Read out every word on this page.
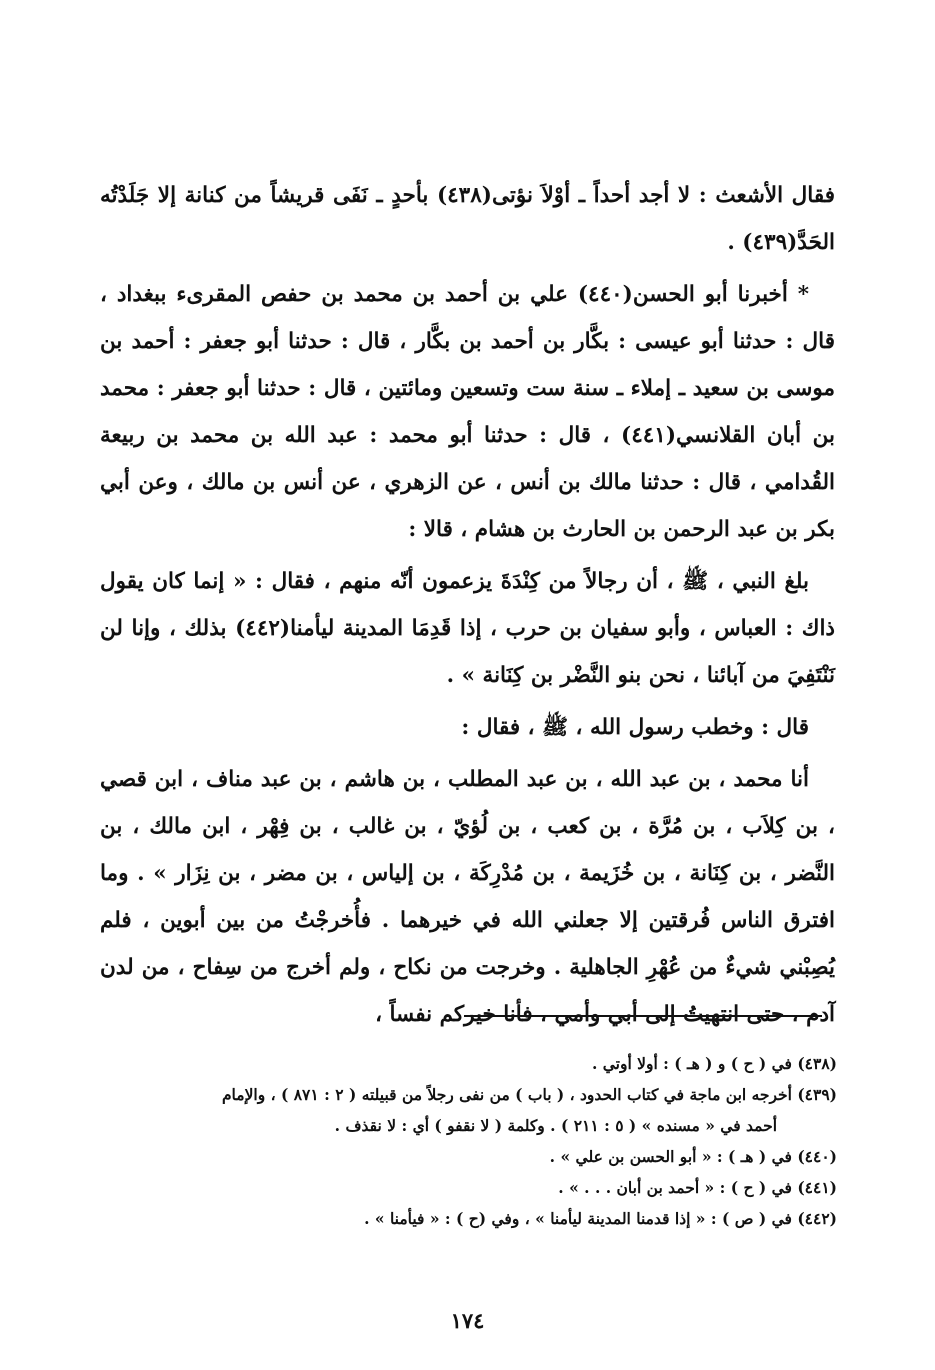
فقال الأشعث : لا أجد أحداً ـ أوْلاَ نؤتى(٤٣٨) بأحدٍ ـ نَفَى قريشاً من كنانة إلا جَلَدْتُه الحَدَّ(٤٣٩) .

* أخبرنا أبو الحسن(٤٤٠) علي بن أحمد بن محمد بن حفص المقرىء ببغداد ، قال : حدثنا أبو عيسى : بكَّار بن أحمد بن بكَّار ، قال : حدثنا أبو جعفر : أحمد بن موسى بن سعيد ـ إملاء ـ سنة ست وتسعين ومائتين ، قال : حدثنا أبو جعفر : محمد بن أبان القلانسي(٤٤١) ، قال : حدثنا أبو محمد : عبد الله بن محمد بن ربيعة القُدامي ، قال : حدثنا مالك بن أنس ، عن الزهري ، عن أنس بن مالك ، وعن أبي بكر بن عبد الرحمن بن الحارث بن هشام ، قالا :

بلغ النبي ، ﷺ ، أن رجالاً من كِنْدَةَ يزعمون أنّه منهم ، فقال : « إنما كان يقول ذاك : العباس ، وأبو سفيان بن حرب ، إذا قَدِمَا المدينة ليأمنا(٤٤٢) بذلك ، وإنا لن نَنْتَفِيَ من آبائنا ، نحن بنو النَّضْر بن كِنَانة » .

قال : وخطب رسول الله ، ﷺ ، فقال :

أنا محمد ، بن عبد الله ، بن عبد المطلب ، بن هاشم ، بن عبد مناف ، ابن قصي ، بن كِلاَب ، بن مُرَّة ، بن كعب ، بن لُؤيّ ، بن غالب ، بن فِهْر ، ابن مالك ، بن النَّضر ، بن كِنَانة ، بن خُزَيمة ، بن مُدْرِكَة ، بن إلياس ، بن مضر ، بن نِزَار » . وما افترق الناس فُرقتين إلا جعلني الله في خيرهما . فأُخرجْتُ من بين أبوين ، فلم يُصِبْني شيءٌ من عُهْرِ الجاهلية . وخرجت من نكاح ، ولم أخرج من سِفاح ، من لدن آدم ، حتى انتهيتُ إلى أبي وأمي ، فأنا خيركم نفساً ،

(٤٣٨) في ( ح ) و ( هـ ) : أولا أوتي .

(٤٣٩) أخرجه ابن ماجة في كتاب الحدود ، ( باب ) من نفى رجلاً من قبيلته ( ٢ : ٨٧١ ) ، والإمام

أحمد في « مسنده » ( ٥ : ٢١١ ) . وكلمة ( لا نقفو ) أي : لا نقذف .

(٤٤٠) في ( هـ ) : « أبو الحسن بن علي » .

(٤٤١) في ( ح ) : « أحمد بن أبان . . . » .

(٤٤٢) في ( ص ) : « إذا قدمنا المدينة ليأمنا » ، وفي (ح ) : « فيأمنا » .

١٧٤
